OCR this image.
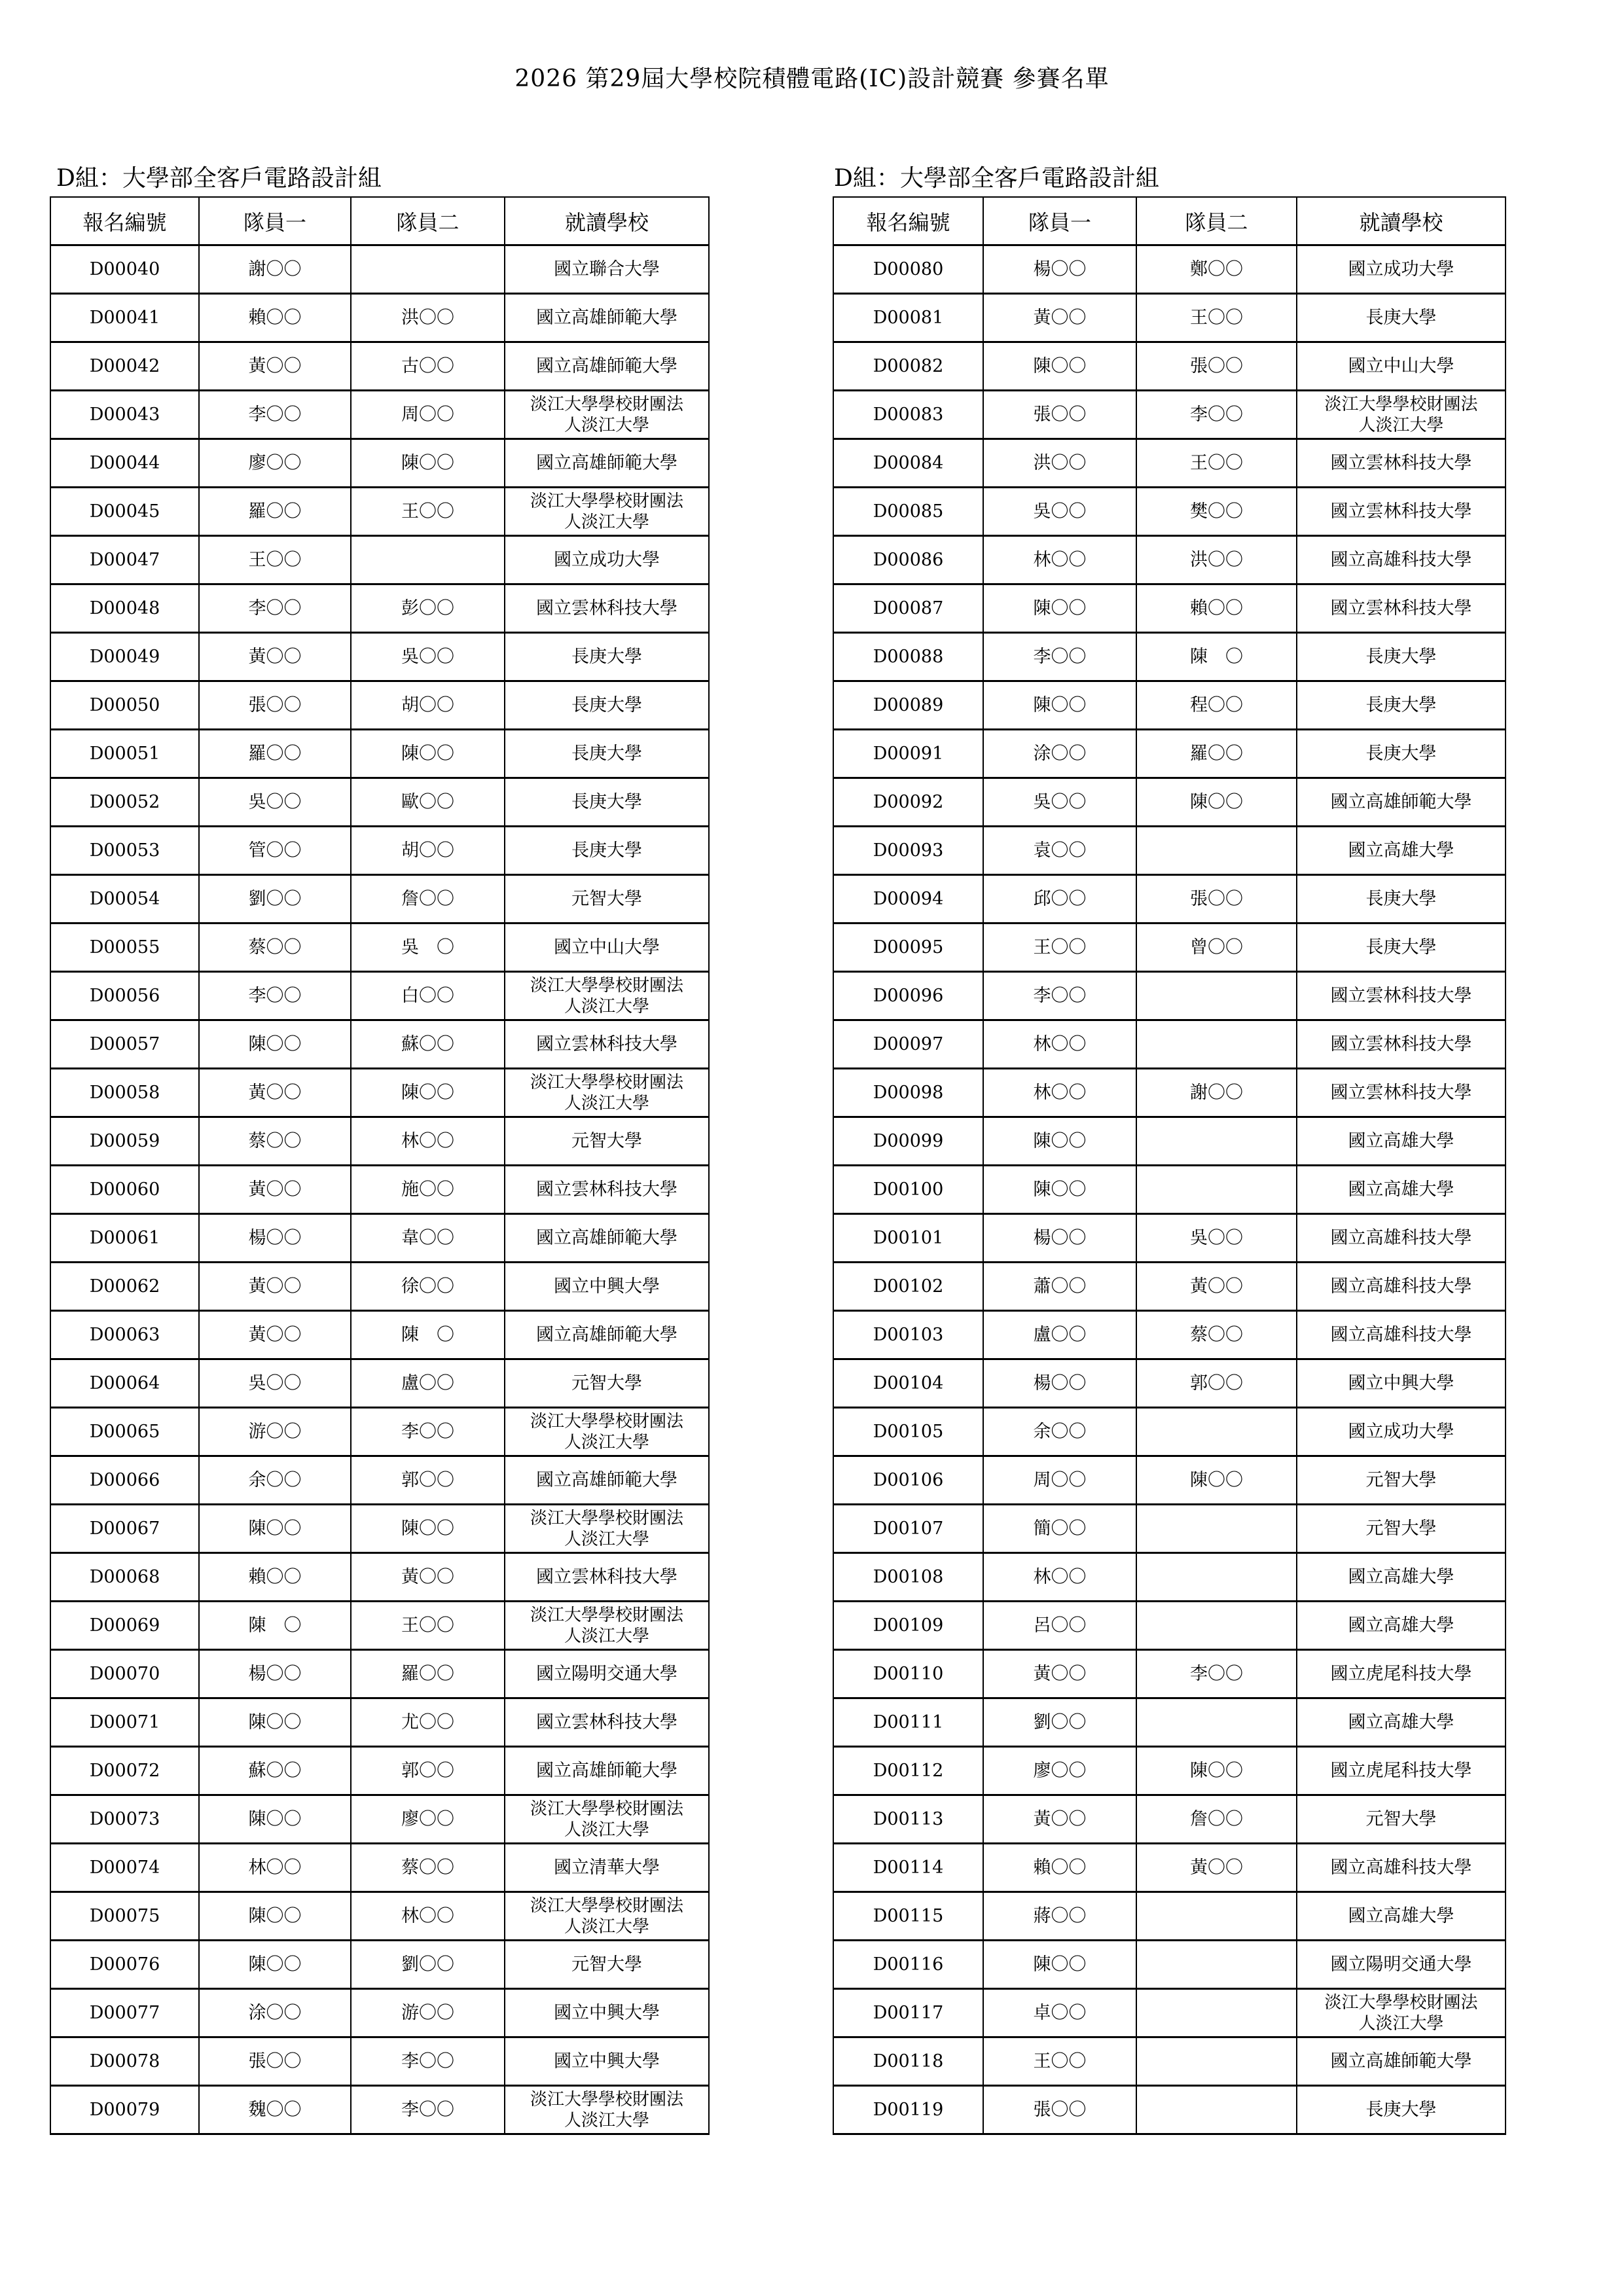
2026 第29屆大學校院積體電路(IC)設計競賽 參賽名單
D組：大學部全客戶電路設計組	D組：大學部全客戶電路設計組
報名編號	隊員一	隊員二	就讀學校
D00040	謝〇〇		國立聯合大學
D00041	賴〇〇	洪〇〇	國立高雄師範大學
D00042	黃〇〇	古〇〇	國立高雄師範大學
D00043	李〇〇	周〇〇	淡江大學學校財團法
人淡江大學

D00044	廖〇〇	陳〇〇	國立高雄師範大學
D00045	羅〇〇	王〇〇	淡江大學學校財團法
人淡江大學

D00047	王〇〇		國立成功大學
D00048	李〇〇	彭〇〇	國立雲林科技大學
D00049	黃〇〇	吳〇〇	長庚大學
D00050	張〇〇	胡〇〇	長庚大學
D00051	羅〇〇	陳〇〇	長庚大學
D00052	吳〇〇	歐〇〇	長庚大學
D00053	管〇〇	胡〇〇	長庚大學
D00054	劉〇〇	詹〇〇	元智大學
D00055	蔡〇〇	吳　〇	國立中山大學
D00056	李〇〇	白〇〇	淡江大學學校財團法
人淡江大學

D00057	陳〇〇	蘇〇〇	國立雲林科技大學
D00058	黃〇〇	陳〇〇	淡江大學學校財團法
人淡江大學

D00059	蔡〇〇	林〇〇	元智大學
D00060	黃〇〇	施〇〇	國立雲林科技大學
D00061	楊〇〇	韋〇〇	國立高雄師範大學
D00062	黃〇〇	徐〇〇	國立中興大學
D00063	黃〇〇	陳　〇	國立高雄師範大學
D00064	吳〇〇	盧〇〇	元智大學
D00065	游〇〇	李〇〇	淡江大學學校財團法
人淡江大學

D00066	余〇〇	郭〇〇	國立高雄師範大學
D00067	陳〇〇	陳〇〇	淡江大學學校財團法
人淡江大學

D00068	賴〇〇	黃〇〇	國立雲林科技大學
D00069	陳　〇	王〇〇	淡江大學學校財團法
人淡江大學

D00070	楊〇〇	羅〇〇	國立陽明交通大學
D00071	陳〇〇	尤〇〇	國立雲林科技大學
D00072	蘇〇〇	郭〇〇	國立高雄師範大學
D00073	陳〇〇	廖〇〇	淡江大學學校財團法
人淡江大學

D00074	林〇〇	蔡〇〇	國立清華大學
D00075	陳〇〇	林〇〇	淡江大學學校財團法
人淡江大學

D00076	陳〇〇	劉〇〇	元智大學
D00077	涂〇〇	游〇〇	國立中興大學
D00078	張〇〇	李〇〇	國立中興大學
D00079	魏〇〇	李〇〇	淡江大學學校財團法
人淡江大學
報名編號	隊員一	隊員二	就讀學校
D00080	楊〇〇	鄭〇〇	國立成功大學
D00081	黃〇〇	王〇〇	長庚大學
D00082	陳〇〇	張〇〇	國立中山大學
D00083	張〇〇	李〇〇	淡江大學學校財團法
人淡江大學

D00084	洪〇〇	王〇〇	國立雲林科技大學
D00085	吳〇〇	樊〇〇	國立雲林科技大學
D00086	林〇〇	洪〇〇	國立高雄科技大學
D00087	陳〇〇	賴〇〇	國立雲林科技大學
D00088	李〇〇	陳　〇	長庚大學
D00089	陳〇〇	程〇〇	長庚大學
D00091	涂〇〇	羅〇〇	長庚大學
D00092	吳〇〇	陳〇〇	國立高雄師範大學
D00093	袁〇〇		國立高雄大學
D00094	邱〇〇	張〇〇	長庚大學
D00095	王〇〇	曾〇〇	長庚大學
D00096	李〇〇		國立雲林科技大學
D00097	林〇〇		國立雲林科技大學
D00098	林〇〇	謝〇〇	國立雲林科技大學
D00099	陳〇〇		國立高雄大學
D00100	陳〇〇		國立高雄大學
D00101	楊〇〇	吳〇〇	國立高雄科技大學
D00102	蕭〇〇	黃〇〇	國立高雄科技大學
D00103	盧〇〇	蔡〇〇	國立高雄科技大學
D00104	楊〇〇	郭〇〇	國立中興大學
D00105	余〇〇		國立成功大學
D00106	周〇〇	陳〇〇	元智大學
D00107	簡〇〇		元智大學
D00108	林〇〇		國立高雄大學
D00109	呂〇〇		國立高雄大學
D00110	黃〇〇	李〇〇	國立虎尾科技大學
D00111	劉〇〇		國立高雄大學
D00112	廖〇〇	陳〇〇	國立虎尾科技大學
D00113	黃〇〇	詹〇〇	元智大學
D00114	賴〇〇	黃〇〇	國立高雄科技大學
D00115	蔣〇〇		國立高雄大學
D00116	陳〇〇		國立陽明交通大學
D00117	卓〇〇		淡江大學學校財團法
人淡江大學

D00118	王〇〇		國立高雄師範大學
D00119	張〇〇		長庚大學
